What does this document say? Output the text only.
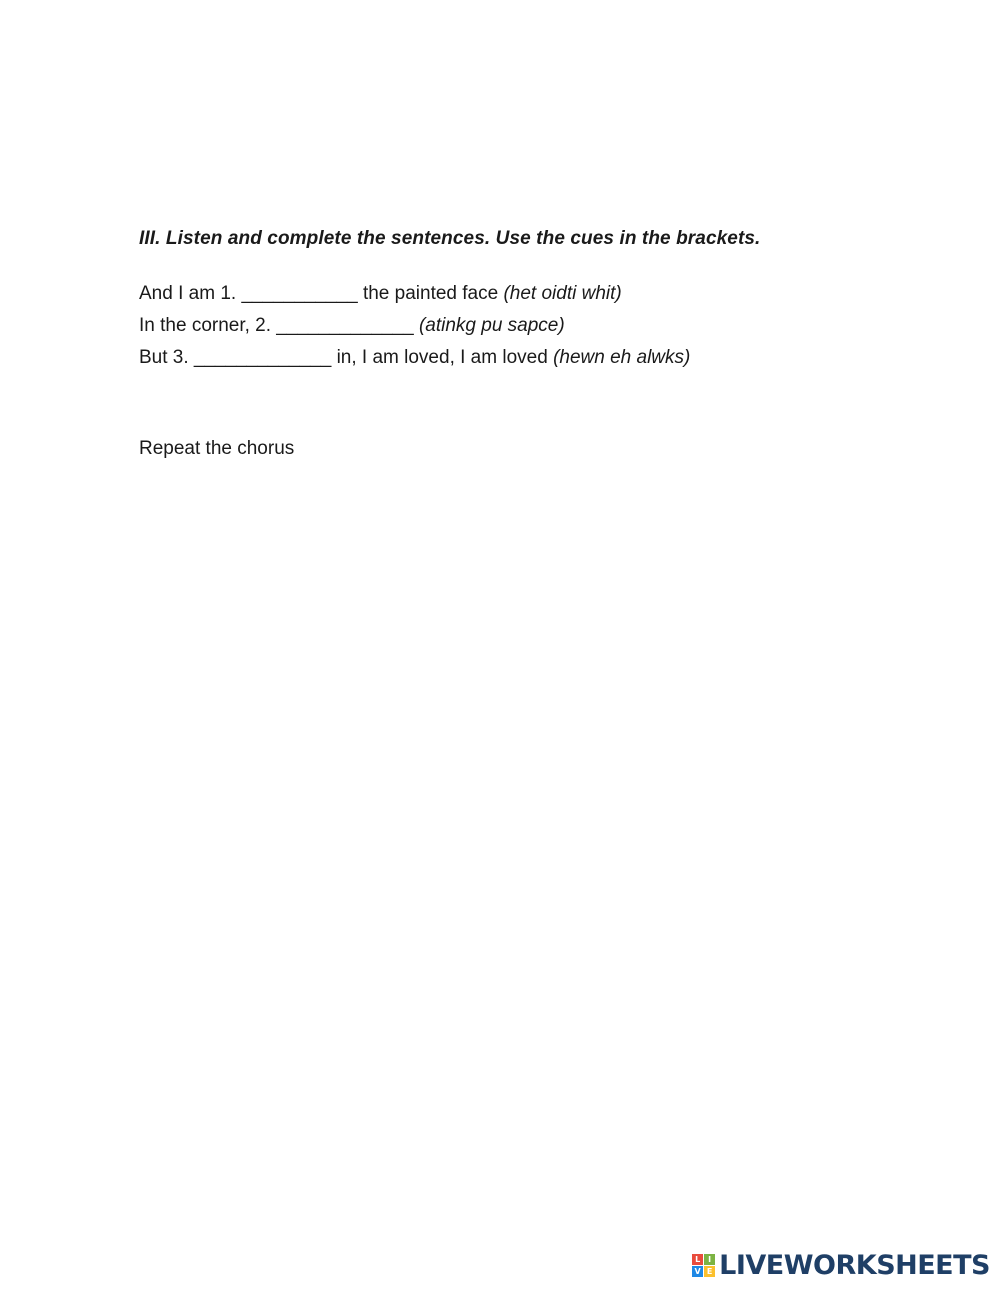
III. Listen and complete the sentences. Use the cues in the brackets.
And I am 1. ___________ the painted face (het oidti whit)
In the corner, 2. _____________ (atinkg pu sapce)
But 3. _____________ in, I am loved, I am loved (hewn eh alwks)
Repeat the chorus
L I
V E LIVEWORKSHEETS
